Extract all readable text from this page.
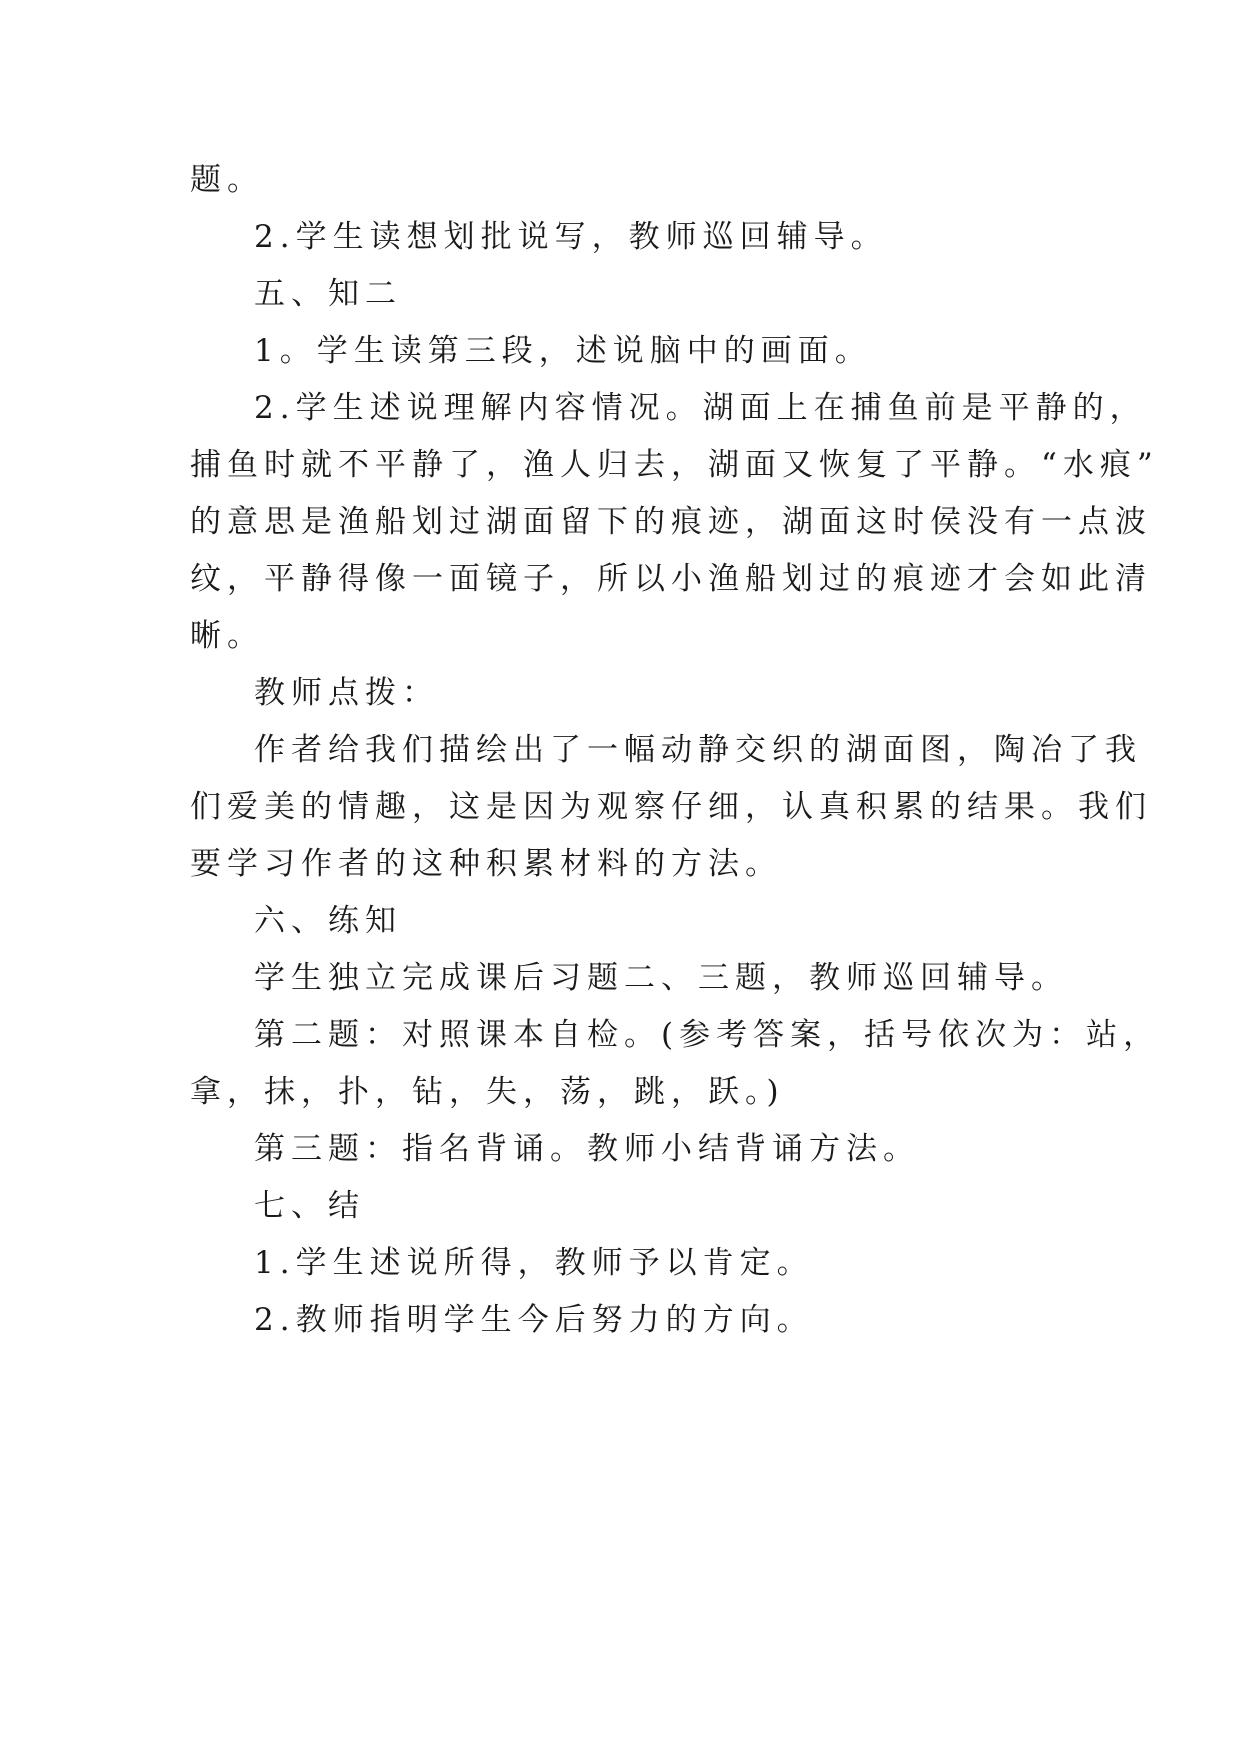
题。
2.学生读想划批说写，教师巡回辅导。
五、知二
1。学生读第三段，述说脑中的画面。
2.学生述说理解内容情况。湖面上在捕鱼前是平静的，
捕鱼时就不平静了，渔人归去，湖面又恢复了平静。“水痕”
的意思是渔船划过湖面留下的痕迹，湖面这时侯没有一点波
纹，平静得像一面镜子，所以小渔船划过的痕迹才会如此清
晰。
教师点拨：
作者给我们描绘出了一幅动静交织的湖面图，陶冶了我
们爱美的情趣，这是因为观察仔细，认真积累的结果。我们
要学习作者的这种积累材料的方法。
六、练知
学生独立完成课后习题二、三题，教师巡回辅导。
第二题：对照课本自检。(参考答案，括号依次为：站，
拿，抹，扑，钻，失，荡，跳，跃。)
第三题：指名背诵。教师小结背诵方法。
七、结
1.学生述说所得，教师予以肯定。
2.教师指明学生今后努力的方向。
